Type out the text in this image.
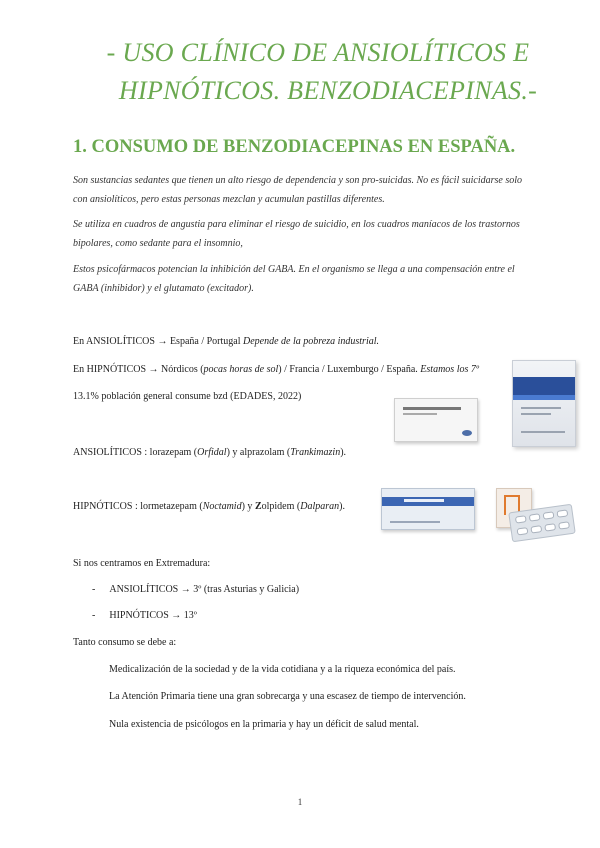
- USO CLÍNICO DE ANSIOLÍTICOS E
HIPNÓTICOS. BENZODIACEPINAS.-
1. CONSUMO DE BENZODIACEPINAS EN ESPAÑA.
Son sustancias sedantes que tienen un alto riesgo de dependencia y son pro-suicidas. No es fácil suicidarse solo con ansiolíticos, pero estas personas mezclan y acumulan pastillas diferentes.
Se utiliza en cuadros de angustia para eliminar el riesgo de suicidio, en los cuadros maníacos de los trastornos bipolares, como sedante para el insomnio,
Estos psicofármacos potencian la inhibición del GABA. En el organismo se llega a una compensación entre el GABA (inhibidor) y el glutamato (excitador).
En ANSIOLÍTICOS → España / Portugal Depende de la pobreza industrial.
En HIPNÓTICOS → Nórdicos (pocas horas de sol) / Francia / Luxemburgo / España. Estamos los 7º
13.1% población general consume bzd (EDADES, 2022)
ANSIOLÍTICOS : lorazepam (Orfidal) y alprazolam (Trankimazin).
HIPNÓTICOS : lormetazepam (Noctamid) y Zolpidem (Dalparan).
Si nos centramos en Extremadura:
- ANSIOLÍTICOS → 3º (tras Asturias y Galicia)
- HIPNÓTICOS → 13º
Tanto consumo se debe a:
Medicalización de la sociedad y de la vida cotidiana y a la riqueza económica del país.
La Atención Primaria tiene una gran sobrecarga y una escasez de tiempo de intervención.
Nula existencia de psicólogos en la primaria y hay un déficit de salud mental.
1
